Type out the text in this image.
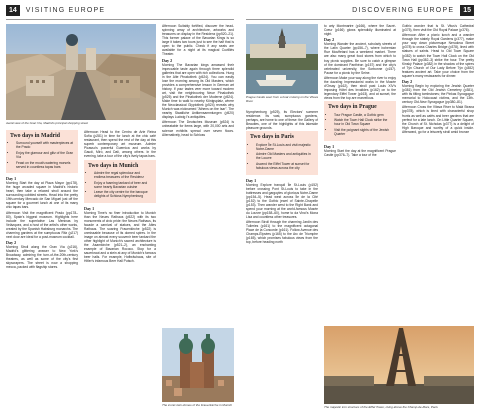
14	VISITING EUROPE	DISCOVERING EUROPE	15
Aerial view of the Gran Vía, Madrid's principal shopping street
Two days in Madrid
• Surround yourself with masterpieces at the Prado
• Enjoy the glamour and glitz of the Gran Vía
• Feast on the mouth-watering morsels served in countless tapas bars
Day 1

Morning Start the day at Plaza Mayor (pp178), the huge arcaded square in Madrid's historic heart, then take a relaxed stroll around the surrounding cobbled streets. Head into the pretty 19th-century Mercado de San Miguel just off the square for a gourmet lunch at one of its many chic tapas bars.

Afternoon Visit the magnificent Prado (pp178–80), Spain's biggest museum. Highlights here include the superlative Las Meninas by Velázquez, and a host of the artist's other works, created by the Spanish Habsburg monarchs. The charming gardens at the sumptuous Ritz (p217) next door are ideal for a post-museum cocktail.

Day 2

Morning Stroll along the Gran Vía (p216), Madrid's glittering answer to New York's Broadway, admiring the turn-of-the-20th-century theatres, as well as some of the city's first skyscrapers. The street is now a shopping mecca, packed with flagship stores.

Afternoon Head to the Centro de Arte Reina Sofía (p281) in time for lunch at the chic café restaurant, then spend the rest of the day at this superb contemporary art museum. Admire Picasso's powerful Guernica and works by Gaudí, Miró, and Dalí, among others. In the evening, take a tour of the city's lively tapas bars.

Two days in Munich
• Admire the regal splendour and endless treasures of the Residenz
• Enjoy a foaming tankard of beer and some hearty Bavarian cuisine
• Leave the city centre for the baroque delights of Schloss Nymphenburg
Day 1

Morning Time's no finer introduction to Munich than the Neues Rathaus (p522) with its two monuments of civic pride: the Neues Rathaus, its facade a carnival of statues, and the Altes Rathaus. The soaring Frauenkirche (p522) is unmissable because of its domed spires. In the image on almost every souvenir beer tankard the other highlight of Munich's sacred architecture is the Asamkirche (p521–2), an enchanting example of Bavarian Rococo. Stop for a sauerkraut and a stein at any of Munich's famous beer halls. For example, Hofbräuhaus, site of Hitler's infamous Beer Hall Putsch.

Afternoon Suitably fortified, discover the head-spinning array of architecture, artworks and treasures on display in the Residenz (pp520–21). This former palace of the Bavarian Kings is so large it takes two tours just to see the half that is open to the public. Check if any seats are available for a night at its magical Cuvilliés Theater.

Day 2

Morning The Bavarian kings amassed their impeccable taste again through three splendid galleries that are open with rich collections. Hung in the Alte Pinakothek (p524). You can easily lose the morning among its Old Masters, which provides a comprehensive lesson in German art history. If your tastes veer more toward modern art, visit the neighbouring Neue Pinakothek (p525) and the Pinakothek der Moderne (p524). Make time to walk to nearby Königsplatz, where the Neoclassical Glyptothek (p524) reveals why Munich was nicknamed "Athens on the Isar". The nearby Staatliche Antikensammlungen (p520) displays Ludwig I's antiquities.

Afternoon The Deutsches Museum (p524) is unbeatable for items large, with 20,000 arts and science exhibits spread over seven floors. Alternatively, head to Schloss

The iconic twin domes of the Frauenkirche in Munich
Prague Castle seen from a boat cruising on the Vltava River

Nymphenburg (p525), its Electors' summer residence. Its vast, sumptuous gardens, perhaps, are home to one of these: the Gallery of Beauties, one of the highlights of this lakeside pleasure grounds.

Two days in Paris
• Explore Île St-Louis and visit majestic Notre-Dame
• Admire Old Masters and antiquities in the Louvre
• Ascend the Eiffel Tower at sunset for fabulous views across the city
Day 1

Morning Explore tranquil Île St-Louis (p152) before crossing Pont St-Louis to take in the buttresses and gargoyles of glorious Notre-Dame (pp154–5). Head west across Île de la Cité (p152) to the Gothic jewel of Sainte-Chapelle (p153). Then wander west to the Right Bank and spend your morning at the world-famous Musée du Louvre (pp158–60), home to da Vinci's Mona Lisa and countless other treasures.

Afternoon Stroll through the charming Jardin des Tuileries (p161) to the magnificent octagonal Place de la Concorde (p161). Follow Avenue des Champs-Élysées (p165) to the Arc de Triomphe (p165), which promises fabulous views from the top, before heading north

to arty Montmartre (p166), where the Sacré-Cœur (p166) glows splendidly illuminated at night.

Day 2

Morning Wander the ancient, scholarly streets of the Latin Quarter (pp156–7), where bohemian Rue Mouffetard has a weekend market. There are also many great food stores from which to buy picnic supplies. Be sure to catch a glimpse of the dominant Panthéon (p157) and the city's celebrated university, the Sorbonne (p157). Pause for a picnic by the Seine.

Afternoon Make your way along the river to enjoy the dazzling Impressionist works in the Musée d'Orsay (p162), then stroll past Louis XIV's imposing Hôtel des Invalides (p162) on to the legendary Eiffel Tower (p163), and at sunset, the views from the top are marvellous.

Two days in Prague
• Tour Prague Castle, a Gothic gem
• Watch the Town Hall Clock strike the hour in Old Town Square
• Visit the poignant sights of the Jewish Quarter
Day 1

Morning Start the day at the magnificent Prague Castle (pp376–7). Take a tour of the

Gothic wonder that is St. Vitus's Cathedral (p375), then visit the Old Royal Palace (p376).

Afternoon After a picnic lunch and a wander through the stately Royal Gardens (p377), make your way down picturesque Nerudova Street (p378) to cross Charles Bridge (p378), lined with statues of saints. Head to Old Town Square (p382) to watch the Town Hall Clock on the Old Town Hall (pp382–3) strike the hour. The pretty Kinský Palace (p382) in the shadow of the spires of Týn Church of Our Lady Before Týn (p382) features ancient art. Take your choice from the square's many restaurants for dinner.

Day 2

Morning Begin by exploring the Jewish Quarter (p381) from the Old Jewish Cemetery (p381), with its tilting tombstones; the Pinkas Synagogue memorial to Holocaust victims, and the 13th-century Old-New Synagogue (pp380–81).

Afternoon Cross the Vltava River to Malá Strana (pp378), which is lined with characterful shop fronts as well as cafés and beer gardens that are perfect for a late lunch. On Little Quarter Square, the Church of St. Nicholas (p377) is a delight of High Baroque and worthy of a quick inside. Afterward, go for a leisurely stroll amid bronze

The majestic iron structure of the Eiffel Tower, rising above the Champ-de-Mars, Paris
